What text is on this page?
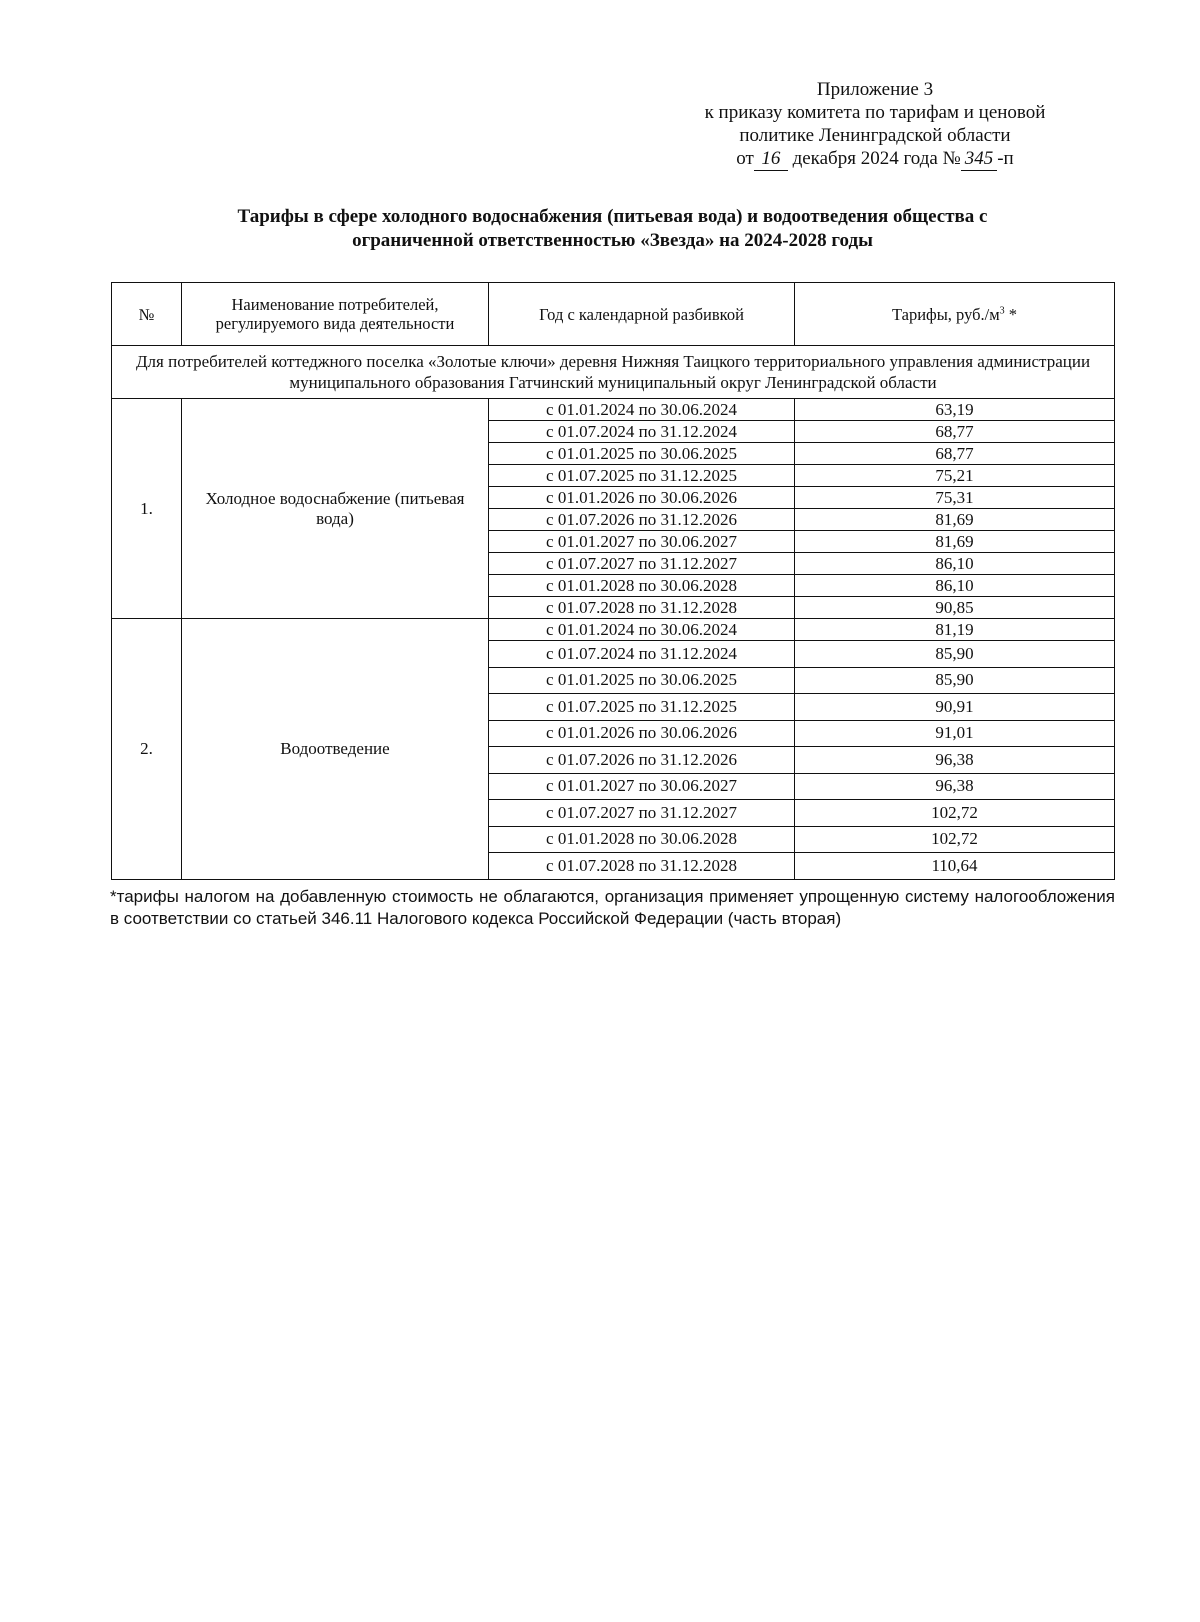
Приложение 3
к приказу комитета по тарифам и ценовой
политике Ленинградской области
от 16 декабря 2024 года № 345 -п
Тарифы в сфере холодного водоснабжения (питьевая вода) и водоотведения общества с
ограниченной ответственностью «Звезда» на 2024-2028 годы
№	Наименование потребителей, регулируемого вида деятельности	Год с календарной разбивкой	Тарифы, $руб./м^3$ *
Для потребителей коттеджного поселка «Золотые ключи» деревня Нижняя Таицкого территориального управления администрации муниципального образования Гатчинский муниципальный округ Ленинградской области			
1.	Холодное водоснабжение (питьевая вода)	с 01.01.2024 по 30.06.2024	63,19
		с 01.07.2024 по 31.12.2024	68,77
		с 01.01.2025 по 30.06.2025	68,77
		с 01.07.2025 по 31.12.2025	75,21
		с 01.01.2026 по 30.06.2026	75,31
		с 01.07.2026 по 31.12.2026	81,69
		с 01.01.2027 по 30.06.2027	81,69
		с 01.07.2027 по 31.12.2027	86,10
		с 01.01.2028 по 30.06.2028	86,10
		с 01.07.2028 по 31.12.2028	90,85
2.	Водоотведение	с 01.01.2024 по 30.06.2024	81,19
		с 01.07.2024 по 31.12.2024	85,90
		с 01.01.2025 по 30.06.2025	85,90
		с 01.07.2025 по 31.12.2025	90,91
		с 01.01.2026 по 30.06.2026	91,01
		с 01.07.2026 по 31.12.2026	96,38
		с 01.01.2027 по 30.06.2027	96,38
		с 01.07.2027 по 31.12.2027	102,72
		с 01.01.2028 по 30.06.2028	102,72
		с 01.07.2028 по 31.12.2028	110,64
*тарифы налогом на добавленную стоимость не облагаются, организация применяет упрощенную систему налогообложения в соответствии со статьей 346.11 Налогового кодекса Российской Федерации (часть вторая)
